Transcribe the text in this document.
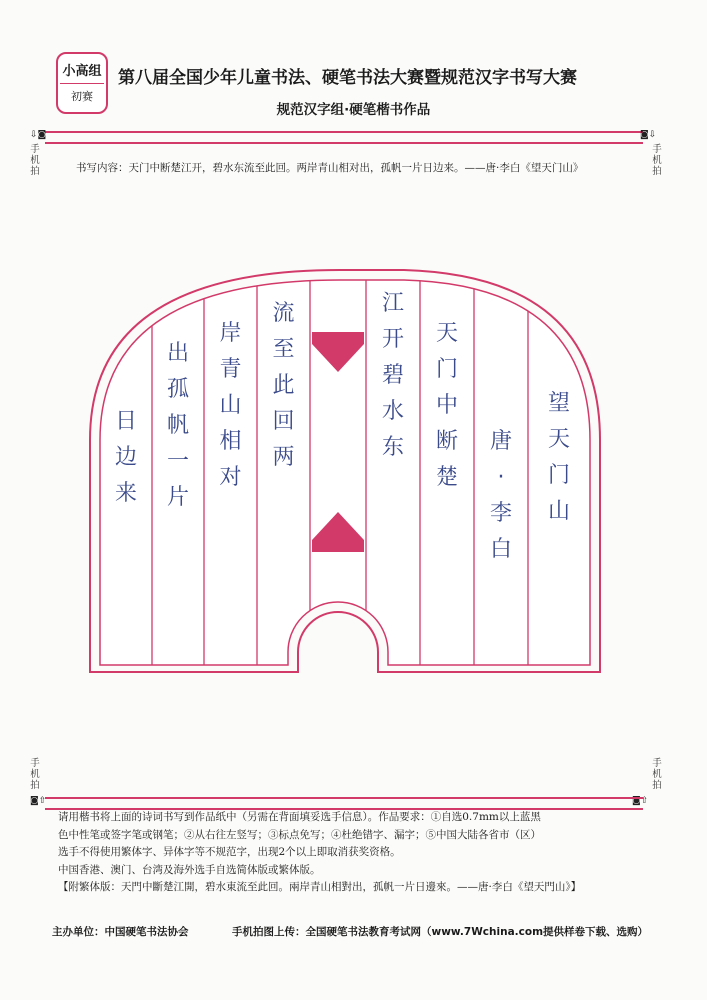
小高组
初赛
第八届全国少年儿童书法、硬笔书法大赛暨规范汉字书写大赛
规范汉字组·硬笔楷书作品
⇩◙
手机拍
◙⇩
手机拍
书写内容：天门中断楚江开，碧水东流至此回。两岸青山相对出，孤帆一片日边来。——唐·李白《望天门山》
望天门山
唐·李白
天门中断楚
江开碧水东
流至此回两
岸青山相对
出孤帆一片
日边来
手机拍
◙⇧
手机拍
◙⇧

请用楷书将上面的诗词书写到作品纸中（另需在背面填妥选手信息）。作品要求：①自选0.7mm以上蓝黑

色中性笔或签字笔或钢笔；②从右往左竖写；③标点免写；④杜绝错字、漏字；⑤中国大陆各省市（区）

选手不得使用繁体字、异体字等不规范字，出现2个以上即取消获奖资格。

中国香港、澳门、台湾及海外选手自选简体版或繁体版。

【附繁体版：天門中斷楚江開，碧水東流至此回。兩岸青山相對出，孤帆一片日邊來。——唐·李白《望天門山》】

主办单位：中国硬笔书法协会	手机拍图上传：全国硬笔书法教育考试网（www.7Wchina.com提供样卷下载、选购）
